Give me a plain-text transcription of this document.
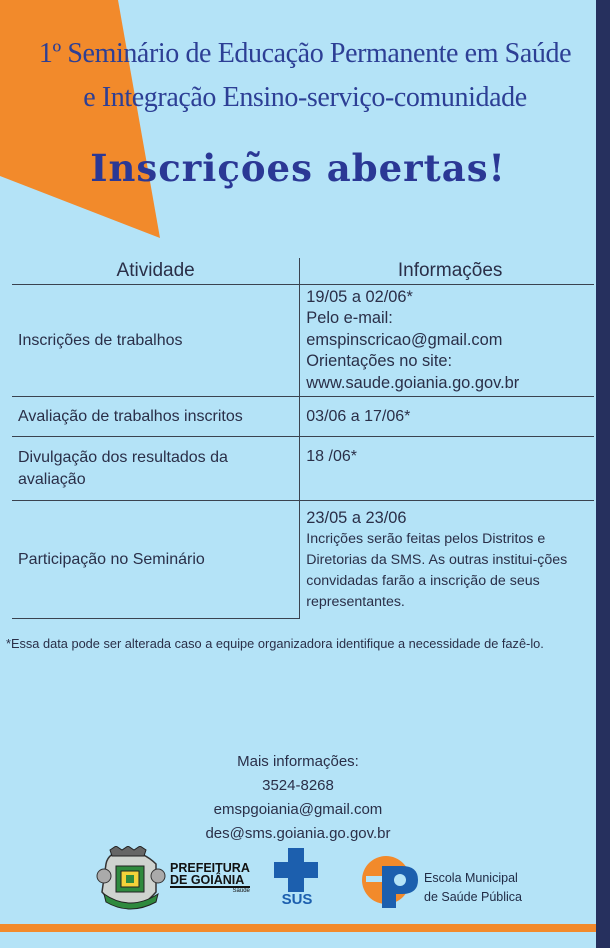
1º Seminário de Educação Permanente em Saúde
e Integração Ensino-serviço-comunidade
Inscrições abertas!
Atividade	Informações
Inscrições de trabalhos	19/05 a 02/06*
Pelo e-mail:
emspinscricao@gmail.com
Orientações no site:
www.saude.goiania.go.gov.br

Avaliação de trabalhos inscritos	03/06 a 17/06*
Divulgação dos resultados da avaliação	18 /06*
Participação no Seminário	23/05 a 23/06
Incrições serão feitas pelos Distritos e Diretorias da SMS. As outras institui-ções convidadas farão a inscrição de seus representantes.
*Essa data pode ser alterada caso a equipe organizadora identifique a necessidade de fazê-lo.
Mais informações:
3524-8268
emspgoiania@gmail.com
des@sms.goiania.go.gov.br
PREFEITURA
DE GOIÂNIA
Saúde	SUS
Escola Municipal
de Saúde Pública
